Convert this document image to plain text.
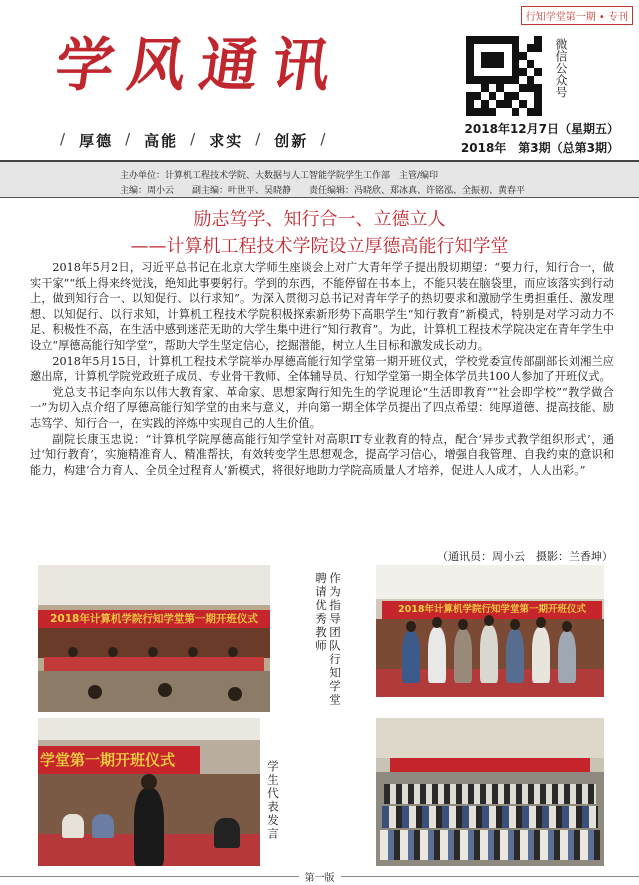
行知学堂第一期 • 专刊
学风通讯
/ 厚德 / 高能 / 求实 / 创新 /
微信公众号
2018年12月7日（星期五）
2018年　第3期（总第3期）
主办单位：计算机工程技术学院、大数据与人工智能学院学生工作部　主管/编印
主编：周小云　　副主编：叶世平、吴晓静　　责任编辑：冯晓欣、郑冰真、许铭泓、全振初、黄春平
励志笃学、知行合一、立德立人
——计算机工程技术学院设立厚德高能行知学堂

2018年5月2日，习近平总书记在北京大学师生座谈会上对广大青年学子提出殷切期望：“要力行，知行合一，做实干家”“纸上得来终觉浅，绝知此事要躬行。学到的东西，不能停留在书本上，不能只装在脑袋里，而应该落实到行动上，做到知行合一、以知促行、以行求知”。为深入贯彻习总书记对青年学子的热切要求和激励学生勇担重任、激发理想、以知促行、以行求知，计算机工程技术学院积极探索新形势下高职学生“知行教育”新模式，特别是对学习动力不足、积极性不高，在生活中感到迷茫无助的大学生集中进行“知行教育”。为此，计算机工程技术学院决定在青年学生中设立“厚德高能行知学堂”，帮助大学生坚定信心，挖掘潜能，树立人生目标和激发成长动力。

2018年5月15日，计算机工程技术学院举办厚德高能行知学堂第一期开班仪式，学校党委宣传部副部长刘湘兰应邀出席，计算机学院党政班子成员、专业骨干教师、全体辅导员、行知学堂第一期全体学员共100人参加了开班仪式。

党总支书记李向东以伟大教育家、革命家、思想家陶行知先生的学说理论“生活即教育”“社会即学校”“教学做合一”为切入点介绍了厚德高能行知学堂的由来与意义，并向第一期全体学员提出了四点希望：纯厚道德、提高技能、励志笃学、知行合一，在实践的淬炼中实现自己的人生价值。

副院长康玉忠说：“计算机学院厚德高能行知学堂针对高职IT专业教育的特点，配合‘异步式教学组织形式’，通过‘知行教育’，实施精准育人、精准帮扶，有效转变学生思想观念，提高学习信心，增强自我管理、自我约束的意识和能力，构建‘合力育人、全员全过程育人’新模式，将很好地助力学院高质量人才培养，促进人人成才，人人出彩。”

（通讯员：周小云　摄影：兰香坤）
2018年计算机学院行知学堂第一期开班仪式	作为指导团队行知学堂聘请优秀教师	2018年计算机学院行知学堂第一期开班仪式
学堂第一期开班仪式	学生代表发言
第一版
